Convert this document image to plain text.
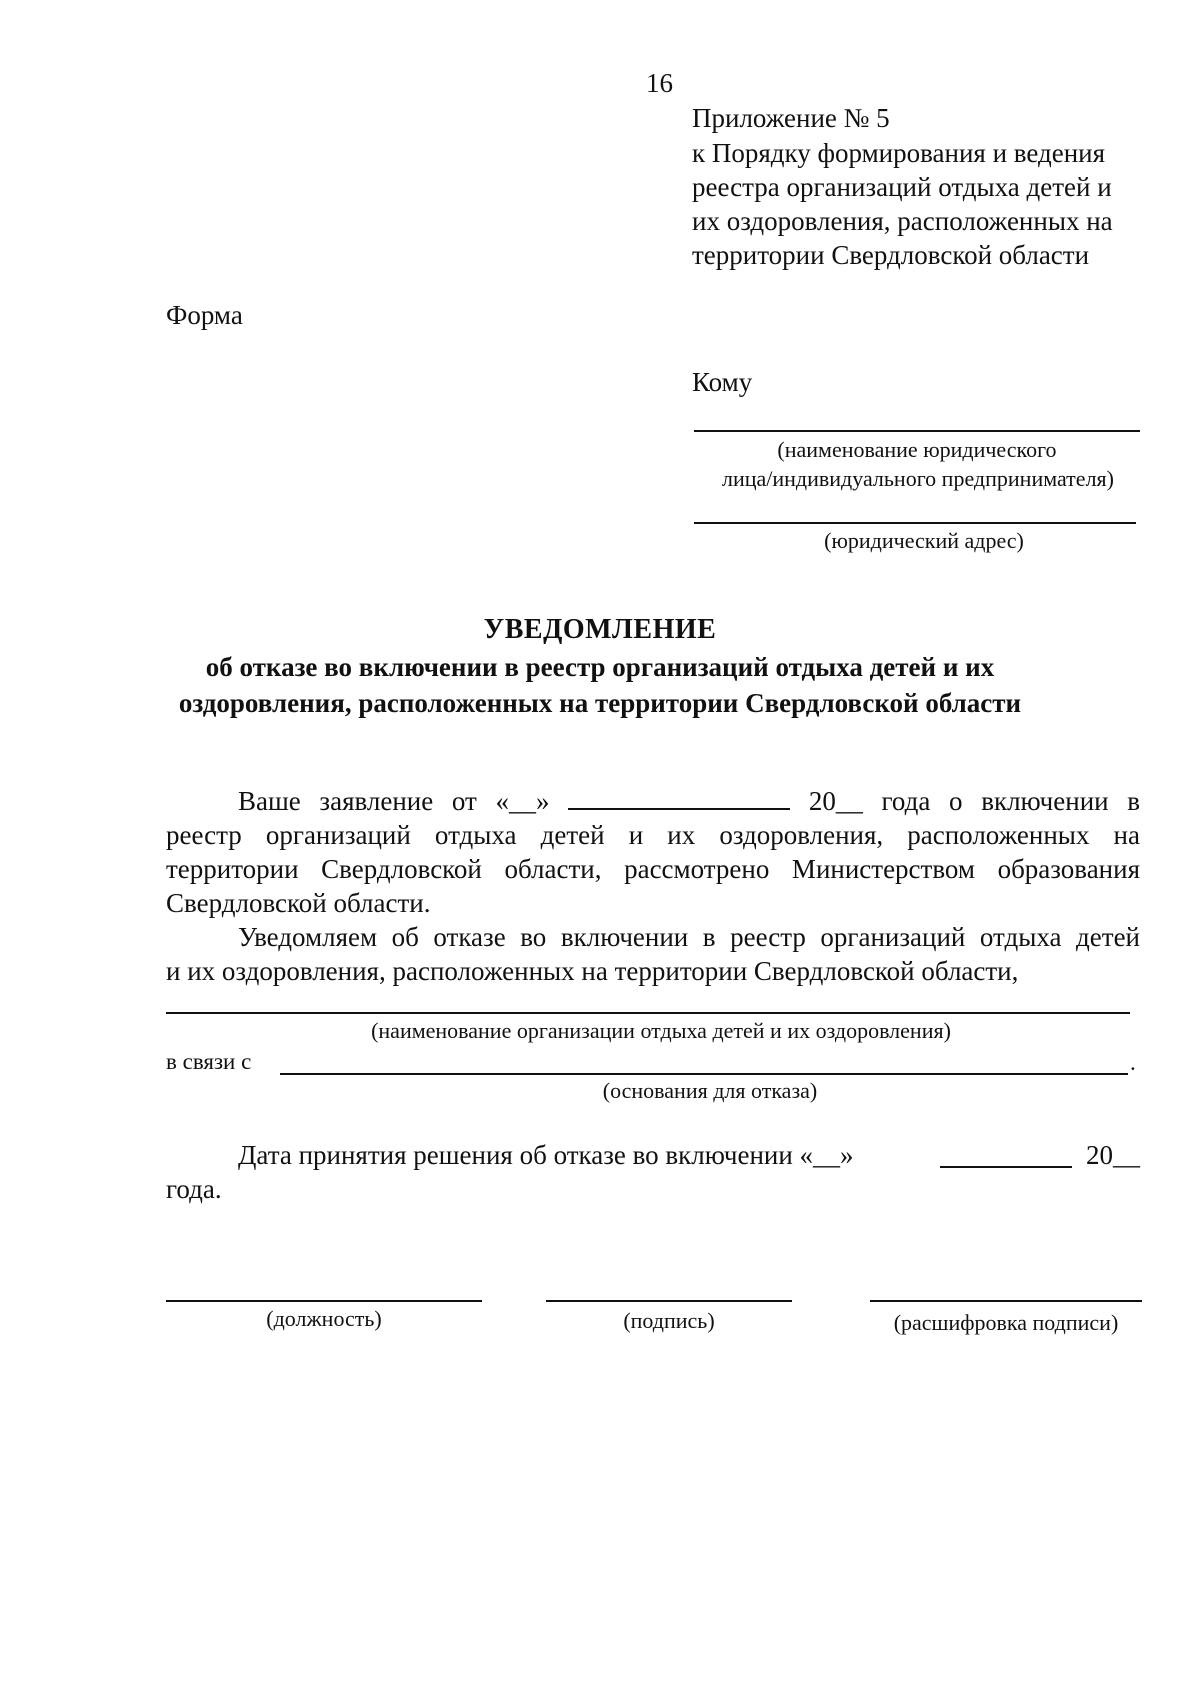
16
Приложение № 5
к Порядку формирования и ведения
реестра организаций отдыха детей и
их оздоровления, расположенных на
территории Свердловской области
Форма
Кому
(наименование юридического
лица/индивидуального предпринимателя)
(юридический адрес)
УВЕДОМЛЕНИЕ
об отказе во включении в реестр организаций отдыха детей и их
оздоровления, расположенных на территории Свердловской области
Ваше заявление от «__»	20__ года о включении в
реестр организаций отдыха детей и их оздоровления, расположенных на
территории Свердловской области, рассмотрено Министерством образования
Свердловской области.
Уведомляем об отказе во включении в реестр организаций отдыха детей
и их оздоровления, расположенных на территории Свердловской области,
(наименование организации отдыха детей и их оздоровления)
в связи с	.
(основания для отказа)
Дата принятия решения об отказе во включении «__»	20__
года.
(должность)	(подпись)	(расшифровка подписи)
